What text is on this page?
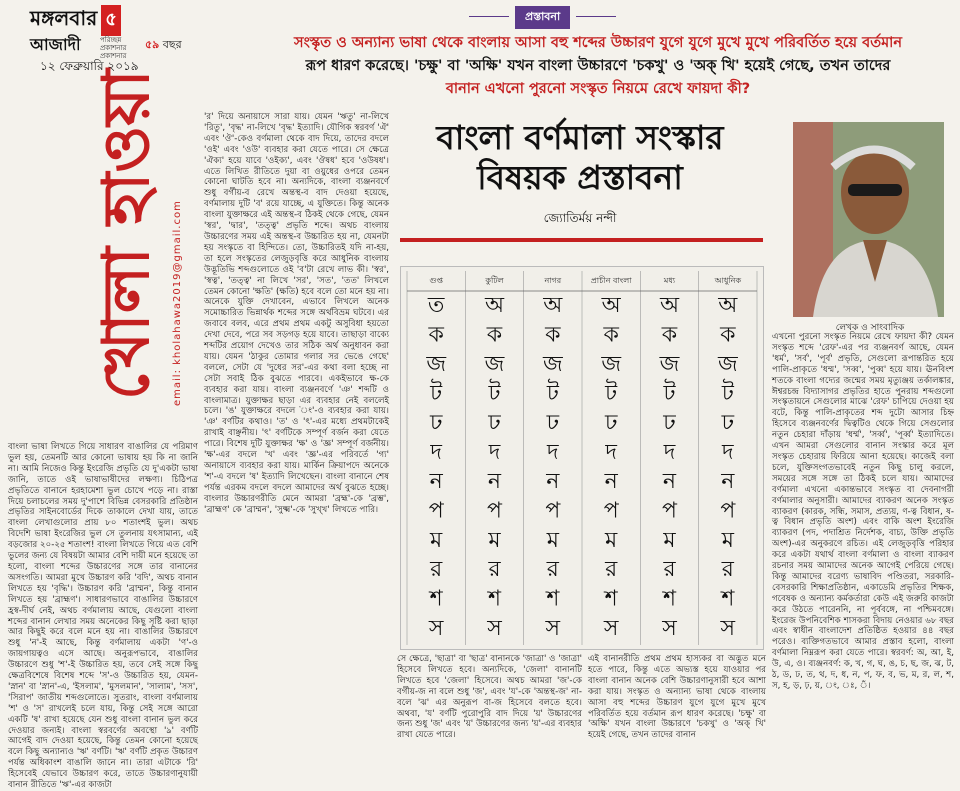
মঙ্গলবার ৫
আজাদী	পরিচ্ছন্ন প্রকাশনার প্রকাশনার
৫৯ বছর
১২ ফেব্রুয়ারি ২০১৯
খোলা হাওয়া email: kholahawa2019@gmail.com
প্রস্তাবনা
সংস্কৃত ও অন্যান্য ভাষা থেকে বাংলায় আসা বহু শব্দের উচ্চারণ যুগে যুগে মুখে মুখে পরিবর্তিত হয়ে বর্তমান
রূপ ধারণ করেছে। 'চক্ষু' বা 'অক্ষি' যখন বাংলা উচ্চারণে 'চকখু' ও 'অক্ খি' হয়েই গেছে, তখন তাদের
বানান এখনো পুরনো সংস্কৃত নিয়মে রেখে ফায়দা কী?
বাংলা বর্ণমালা সংস্কার
বিষয়ক প্রস্তাবনা
জ্যোতির্ময় নন্দী
লেখক ও সাংবাদিক
গুপ্ত	কুটিল	নাগর	প্রাচীন বাংলা	মধ্য	আধুনিক
ত অ অ অ অ অ
ক ক ক ক ক ক
জ জ জ জ জ জ
ট ট ট ট ট ট
ঢ ঢ ঢ ঢ ঢ ঢ
দ দ দ দ দ দ
ন ন ন ন ন ন
প প প প প প
ম ম ম ম ম ম
র র র র র র
শ শ শ শ শ শ
স স স স স স
বাংলা ভাষা লিখতে গিয়ে সাধারণ বাঙালির যে পরিমাণ ভুল হয়, তেমনটি আর কোনো ভাষায় হয় কি না জানি না। আমি নিজেও কিন্তু ইংরেজি প্রভৃতি যে দু'একটা ভাষা জানি, তাতে ওই ভাষাভাষীদের লক্ষণ্য। চিঠিপত্র প্রভৃতিতে বানানে হরহামেশা ভুল চোখে পড়ে না। রাস্তা দিয়ে চলাচলের সময় দু'পাশে বিভিন্ন বেসরকারি প্রতিষ্ঠান প্রভৃতির সাইনবোর্ডের দিকে তাকালে দেখা যায়, তাতে বাংলা লেখাগুলোর প্রায় ৮০ শতাংশই ভুল। অথচ বিদেশি ভাষা ইংরেজির ভুল সে তুলনায় যৎসামান্য, এই বড়জোর ২০-২৫ শতাংশ! বাংলা লিখতে গিয়ে এত বেশি ভুলের জন্য যে বিষয়টা আমার বেশি দায়ী মনে হয়েছে তা হলো, বাংলা শব্দের উচ্চারণের সঙ্গে তার বানানের অসংগতি। আমরা মুখে উচ্চারণ করি 'বদি', অথচ বানান লিখতে হয় 'বৃদ্ধি'। উচ্চারণ করি 'ব্রাম্মন', কিন্তু বানান লিখতে হয় 'ব্রাহ্মণ'। সাধারণভাবে বাঙালির উচ্চারণে হ্রস্ব-দীর্ঘ নেই, অথচ বর্ণমালায় আছে, যেগুলো বাংলা শব্দের বানান লেখার সময় অনেকের কিছু সৃষ্টি করা ছাড়া আর কিছুই করে বলে মনে হয় না। বাঙালির উচ্চারণে শুধু 'ন'-ই আছে, কিন্তু বর্ণমালায় একটা 'ণ'-ও জায়গায়ত্বও এসে আছে। অনুরূপভাবে, বাঙালির উচ্চারণে শুধু 'শ'-ই উচ্চারিত হয়, তবে সেই সঙ্গে কিছু ক্ষেত্রবিশেষে বিশেষ শব্দে 'স'-ও উচ্চারিত হয়, যেমন- 'স্নান' বা 'স্নান'-এ, 'ইসলাম', 'মুসলমান', 'সালাম', 'সস', 'সিরাপ' জাতীয় শব্দগুলোতে। সুতরাং, বাংলা বর্ণমালায় 'শ' ও 'স' রাখলেই চলে যায়, কিন্তু সেই সঙ্গে আরো একটি 'ষ' রাখা হয়েছে যেন শুধু বাংলা বানান ভুল করে দেওয়ার জন্যই। বাংলা স্বরবর্ণের অবস্থো 'ঌ' বর্ণটি আগেই বাদ দেওয়া হয়েছে, কিন্তু তেমন কোনো হয়েছে বলে কিছু অন্যান্যও 'ঋ' বর্ণটি। 'ঋ' বর্ণটি প্রকৃত উচ্চারণ পর্যন্ত অধিকাংশ বাঙালি জানে না। তারা এটাকে 'রি' হিসেবেই যেভাবে উচ্চারণ করে, তাতে উচ্চারণানুযায়ী বানান রীতিতে 'ঋ'-এর কাজটা
'র' দিয়ে অনায়াসে সারা যায়। যেমন 'ঋতু' না-লিখে 'রিতু', 'বৃদ্ধ' না-লিখে 'বৃদ্ধ' ইত্যাদি। যৌগিক স্বরবর্ণ 'ঐ' এবং 'ঔ'-কেও বর্ণমালা থেকে বাদ দিয়ে, তাদের বদলে 'ওই' এবং 'ওউ' ব্যবহার করা যেতে পারে। সে ক্ষেত্রে 'ঐক্য' হয়ে যাবে 'ওইক্য', এবং 'ঔষধ' হবে 'ওউষধ'। এতে লিখিত রীতিতে দুয়া বা ওয়ুধের ওপরে তেমন কোনো ঘাটতি হবে না। অন্যদিকে, বাংলা ব্যঞ্জনবর্ণে শুধু বর্গীয়-ব রেখে অন্তস্থ-ব বাদ দেওয়া হয়েছে, বর্ণমালায় দুটি 'ব' রয়ে যাচ্ছে, এ যুক্তিতে। কিন্তু অনেক বাংলা যুক্তাক্ষরে এই অন্তস্থ-ব ঠিকই থেকে গেছে, যেমন 'স্বর', 'দ্বার', 'তত্ত্ব' প্রভৃতি শব্দে। অথচ বাংলায় উচ্চারণের সময় এই অন্তস্থ-ব উচ্চারিত হয় না, যেমনটা হয় সংস্কৃতে বা হিন্দিতে। তো, উচ্চারিতই যদি না-হয়, তা হলে সংস্কৃতের লেজুড়বৃত্তি করে আধুনিক বাংলায় উদ্ভূতিভি শব্দগুলোতে ওই 'ব'টা রেখে লাভ কী। 'স্বর', 'স্বত্ব', 'তত্ত্ব' না লিখে 'সর', 'সত', 'তত' লিখলে তেমন কোনো 'ক্ষতি' (ক্ষতি) হবে বলে তো মনে হয় না। অনেকে যুক্তি দেখাবেন, এভাবে লিখলে অনেক সমোচ্চারিত ভিন্নার্থক শব্দের সঙ্গে অর্থবিভ্রম ঘটবে। এর জবাবে বলব, এরে প্রথম প্রথম একটু অসুবিধা হয়তো দেখা দেবে, পরে সব সড়গড় হয়ে যাবে। তাছাড়া বাক্যে শব্দটির প্রয়োগ দেখেও তার সঠিক অর্থ অনুধাবন করা যায়। যেমন 'ঠাকুর তোমার গলার সর ভেঙে গেছে' বললে, সেটা যে 'দুধের সর'-এর কথা বলা হচ্ছে না সেটা সবাই ঠিক বুঝতে পারবে। একইভাবে ক্ষ-কে ব্যবহার করা যায়। বাংলা ব্যঞ্জনবর্ণে 'ঞ' শব্দটি ও বাংলামাত্র। যুক্তাক্ষর ছাড়া এর ব্যবহার নেই বললেই চলে। 'ঙ' যুক্তাক্ষরে বদলে 'ং'-ও ব্যবহার করা যায়। 'ঞ' বর্ণটির কথাও। 'ত' ও 'ৎ'-এর মধ্যে প্রথমটাকেই রাখাই বাঞ্ছনীয়। 'ৎ' বর্ণটিকে সম্পূর্ণ বর্জন করা যেতে পারে। বিশেষ দুটি যুক্তাক্ষর 'ক্ষ' ও 'জ্ঞ' সম্পূর্ণ বর্জনীয়। 'ক্ষ'-এর বদলে 'খ' এবং 'জ্ঞ'-এর পরিবর্তে 'গ্য' অনায়াসে ব্যবহার করা যায়। মার্কিন ক্রিয়াপদে অনেকে 'শ'-এ বদলে 'ষ' ইত্যাদি লিখেছেন। বাংলা বানানে শেষ পর্যন্ত এরকম বদলে বদলে আমাদের অর্থ বুঝতে হচ্ছে। বাংলার উচ্চারণরীতি মেনে আমরা 'ব্রহ্ম'-কে 'ব্রম্ভ', 'ব্রাহ্মণ' কে 'ব্রাম্মন', 'সুক্ষ্ম'-কে 'সুখ্খ' লিখতে পারি।
সে ক্ষেত্রে, 'ছাত্রা' বা 'ছাত্র' বানানকে 'জাত্রা' ও 'জাত্রা' হিসেবে লিখতে হবে। অন্যদিকে, 'জেলা' বানানটি লিখতে হবে 'জেলা' হিসেবে। অথচ আমরা 'জ'-কে বর্গীয়-জ না বলে শুধু 'জ', এবং 'য'-কে 'অন্তস্থ-জ' না-বলে 'ঝ' এর অনুরূপ বা-জ হিসেবে বলতে হবে। অথবা, 'য' বর্ণটি পুরোপুরি বাদ দিয়ে 'য়' উচ্চারণের জন্য শুধু 'জ' এবং 'য়' উচ্চারণের জন্য 'য়'-এর ব্যবহার রাখা যেতে পারে।
এই বানানরীতি প্রথম প্রথম হাস্যকর বা অদ্ভুত মনে হতে পারে, কিন্তু এতে অভ্যস্ত হয়ে যাওয়ার পর বাংলা বানান অনেক বেশি উচ্চারণানুসারী হবে আশা করা যায়। সংস্কৃত ও অন্যান্য ভাষা থেকে বাংলায় আসা বহু শব্দের উচ্চারণ যুগে যুগে মুখে মুখে পরিবর্তিত হয়ে বর্তমান রূপ ধারণ করেছে। 'চক্ষু' বা 'অক্ষি' যখন বাংলা উচ্চারণে 'চকখু' ও 'অক্ খি' হয়েই গেছে, তখন তাদের বানান
এখনো পুরনো সংস্কৃত নিয়মে রেখে ফায়দা কী? যেমন সংস্কৃত শব্দে 'রেফ'-এর পর ব্যঞ্জনবর্ণ আছে, যেমন 'ধর্ম', 'সর্ব', 'পূর্ব' প্রভৃতি, সেগুলো রূপান্তরিত হয়ে পালি-প্রাকৃতে 'ধম্ম', 'সব্ব', 'পুব্ব' হয়ে যায়। ঊনবিংশ শতকে বাংলা গদ্যের জন্মের সময় মৃত্যুঞ্জয় তর্কালঙ্কার, ঈশ্বরচন্দ্র বিদ্যাসাগর প্রভৃতির হাতে পুনরায় শব্দগুলো সংস্কৃতায়নে সেগুলোর মাঝে 'রেফ' চাপিয়ে দেওয়া হয় বটে, কিন্তু পালি-প্রাকৃতের শব্দ দুটো আসার চিহ্ন হিসেবে ব্যঞ্জনবর্ণের দ্বিত্বটিও থেকে গিয়ে সেগুলোর নতুন চেহারা দাঁড়ায় 'ধর্ম্ম', 'সর্ব্ব', 'পূর্ব্ব' ইত্যাদিতে। এখন আমরা সেগুলোর বানান সংস্কার করে মূল সংস্কৃত চেহারায় ফিরিয়ে আনা হয়েছে। কাজেই বলা চলে, যুক্তিসংগতভাবেই নতুন কিছু চালু করলে, সময়ের সঙ্গে সঙ্গে তা ঠিকই চলে যায়। আমাদের বর্ণমালা এখনো একান্তভাবে সংস্কৃত বা দেবনাগরী বর্ণমালার অনুসারী। আমাদের ব্যাকরণ অনেক সংস্কৃত ব্যাকরণ (কারক, সন্ধি, সমাস, প্রত্যয়, ণ-ত্ব বিধান, ষ-ত্ব বিধান প্রভৃতি অংশ) এবং বাকি অংশ ইংরেজি ব্যাকরণ (পদ, পদাশ্রিত নির্দেশক, বাচ্য, উক্তি প্রভৃতি অংশ)-এর অনুকরণে রচিত। এই লেজুড়বৃত্তি পরিহার করে একটা যথার্থ বাংলা বর্ণমালা ও বাংলা ব্যাকরণ রচনার সময় আমাদের অনেক আগেই পেরিয়ে গেছে। কিন্তু আমাদের বরেণ্য ভাষাবিদ পণ্ডিতরা, সরকারি-বেসরকারি শিক্ষাপ্রতিষ্ঠান, একাডেমি প্রভৃতির শিক্ষক, গবেষক ও অন্যান্য কর্মকর্তারা কেউ এই জরুরি কাজটা করে উঠতে পারেননি, না পূর্ববঙ্গে, না পশ্চিমবঙ্গে। ইংরেজ উপনিবেশিক শাসকরা বিদায় নেওয়ার ৬৮ বছর এবং স্বাধীন বাংলাদেশ প্রতিষ্ঠিত হওয়ার ৪৪ বছর পরেও। ব্যক্তিগতভাবে আমার প্রস্তাব হলো, বাংলা বর্ণমালা নিম্নরূপ করা যেতে পারে। স্বরবর্ণ: অ, আ, ই, উ, এ, ও। ব্যঞ্জনবর্ণ: ক, খ, গ, ঘ, ঙ, চ, ছ, জ, ঝ, ট, ঠ, ড, ঢ, ত, থ, দ, ধ, ন, প, ফ, ব, ভ, ম, র, ল, শ, স, হ, ড়, ঢ়, য়, ং, ঃ, ঁ।
